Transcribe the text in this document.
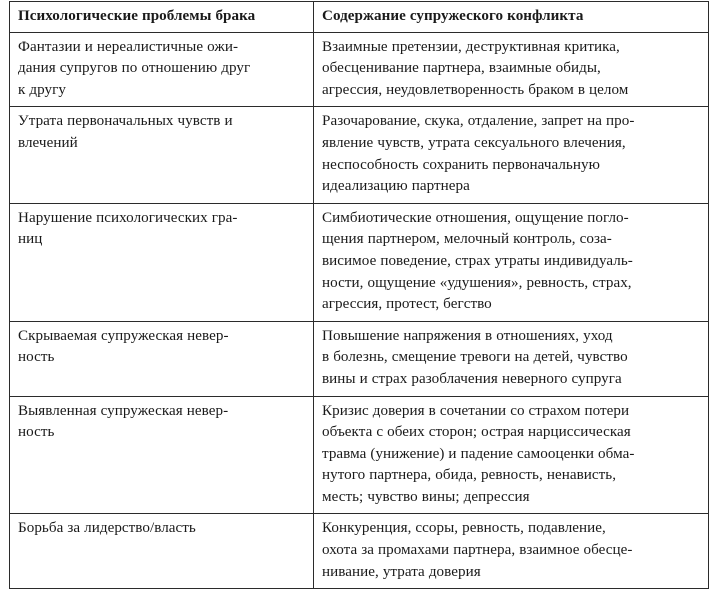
Психологические проблемы брака	Содержание супружеского конфликта

Фантазии и нереалистичные ожи-
дания супругов по отношению друг
к другу	Взаимные претензии, деструктивная критика,
обесценивание партнера, взаимные обиды,
агрессия, неудовлетворенность браком в целом

Утрата первоначальных чувств и
влечений	Разочарование, скука, отдаление, запрет на про-
явление чувств, утрата сексуального влечения,
неспособность сохранить первоначальную
идеализацию партнера

Нарушение психологических гра-
ниц	Симбиотические отношения, ощущение погло-
щения партнером, мелочный контроль, соза-
висимое поведение, страх утраты индивидуаль-
ности, ощущение «удушения», ревность, страх,
агрессия, протест, бегство

Скрываемая супружеская невер-
ность	Повышение напряжения в отношениях, уход
в болезнь, смещение тревоги на детей, чувство
вины и страх разоблачения неверного супруга

Выявленная супружеская невер-
ность	Кризис доверия в сочетании со страхом потери
объекта с обеих сторон; острая нарциссическая
травма (унижение) и падение самооценки обма-
нутого партнера, обида, ревность, ненависть,
месть; чувство вины; депрессия

Борьба за лидерство/власть	Конкуренция, ссоры, ревность, подавление,
охота за промахами партнера, взаимное обесце-
нивание, утрата доверия
